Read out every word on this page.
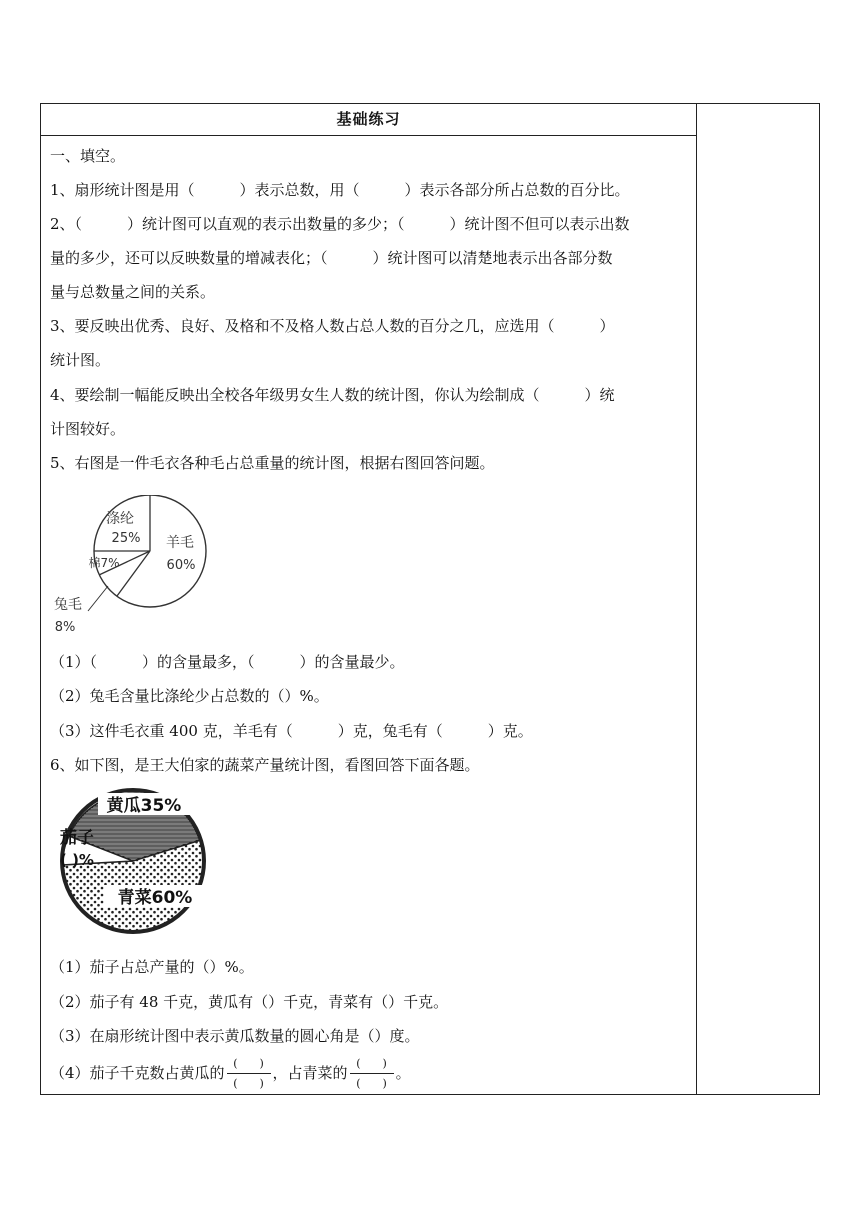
基础练习
一、填空。
1、扇形统计图是用（　　　）表示总数，用（　　　）表示各部分所占总数的百分比。
2、（　　　）统计图可以直观的表示出数量的多少；（　　　）统计图不但可以表示出数
量的多少，还可以反映数量的增减表化；（　　　）统计图可以清楚地表示出各部分数
量与总数量之间的关系。
3、要反映出优秀、良好、及格和不及格人数占总人数的百分之几，应选用（　　　）
统计图。
4、要绘制一幅能反映出全校各年级男女生人数的统计图，你认为绘制成（　　　）统
计图较好。
5、右图是一件毛衣各种毛占总重量的统计图，根据右图回答问题。
涤纶
25% 羊毛
60%
棉7%
兔毛
8%
（1）（　　　）的含量最多，（　　　）的含量最少。
（2）兔毛含量比涤纶少占总数的（）%。
（3）这件毛衣重 400 克，羊毛有（　　　）克，兔毛有（　　　）克。
6、如下图，是王大伯家的蔬菜产量统计图，看图回答下面各题。
黄瓜35%
茄子
( )%
青菜60%
（1）茄子占总产量的（）%。
（2）茄子有 48 千克，黄瓜有（）千克，青菜有（）千克。
（3）在扇形统计图中表示黄瓜数量的圆心角是（）度。
（4）茄子千克数占黄瓜的 $\frac{( )}{( )}$ ，占青菜的 $\frac{( )}{( )}$ 。
